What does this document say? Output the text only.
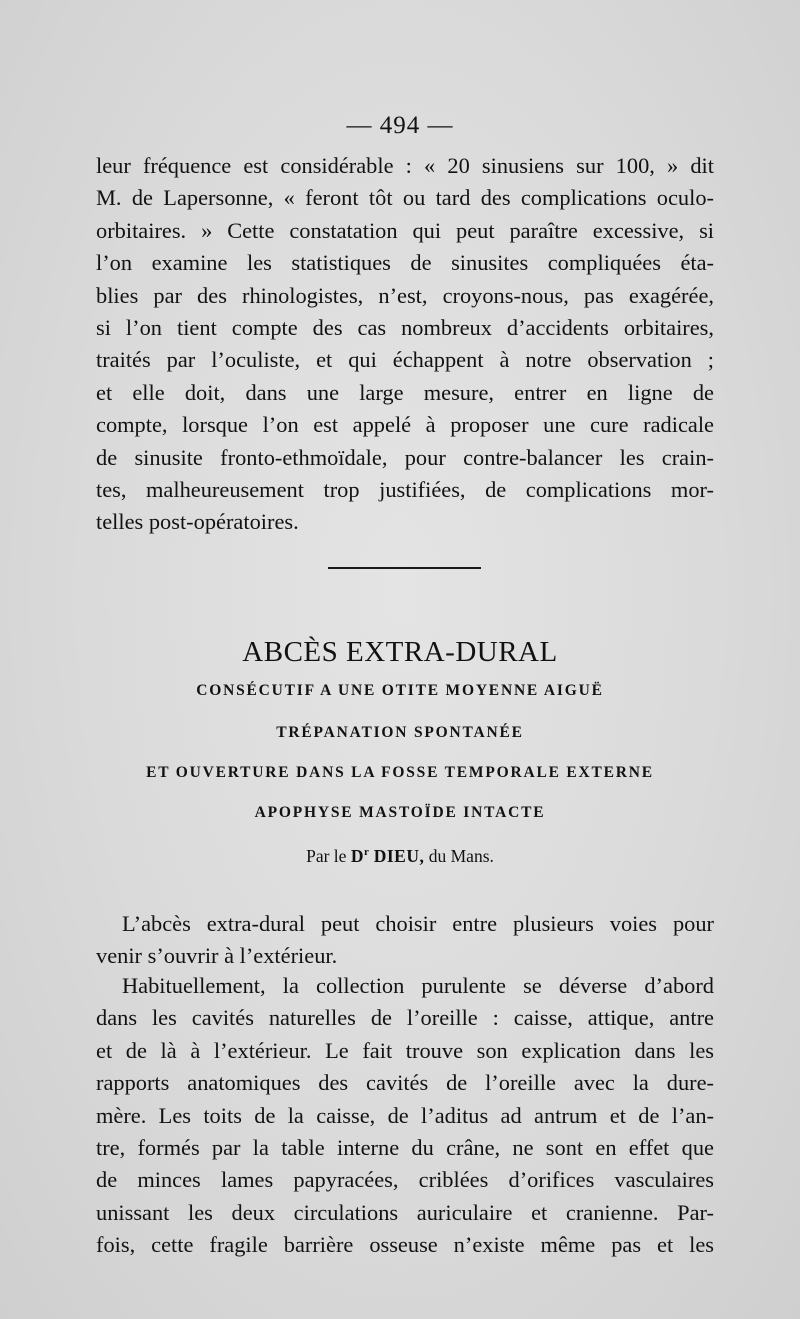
— 494 —
leur fréquence est considérable : « 20 sinusiens sur 100, » dit
M. de Lapersonne, « feront tôt ou tard des complications oculo-
orbitaires. » Cette constatation qui peut paraître excessive, si
l’on examine les statistiques de sinusites compliquées éta-
blies par des rhinologistes, n’est, croyons-nous, pas exagérée,
si l’on tient compte des cas nombreux d’accidents orbitaires,
traités par l’oculiste, et qui échappent à notre observation ;
et elle doit, dans une large mesure, entrer en ligne de
compte, lorsque l’on est appelé à proposer une cure radicale
de sinusite fronto-ethmoïdale, pour contre-balancer les crain-
tes, malheureusement trop justifiées, de complications mor-
telles post-opératoires.
ABCÈS EXTRA-DURAL
CONSÉCUTIF A UNE OTITE MOYENNE AIGUË
TRÉPANATION SPONTANÉE
ET OUVERTURE DANS LA FOSSE TEMPORALE EXTERNE
APOPHYSE MASTOÏDE INTACTE
Par le $D^r$ DIEU, du Mans.
L’abcès extra-dural peut choisir entre plusieurs voies pour
venir s’ouvrir à l’extérieur.
Habituellement, la collection purulente se déverse d’abord
dans les cavités naturelles de l’oreille : caisse, attique, antre
et de là à l’extérieur. Le fait trouve son explication dans les
rapports anatomiques des cavités de l’oreille avec la dure-
mère. Les toits de la caisse, de l’aditus ad antrum et de l’an-
tre, formés par la table interne du crâne, ne sont en effet que
de minces lames papyracées, criblées d’orifices vasculaires
unissant les deux circulations auriculaire et cranienne. Par-
fois, cette fragile barrière osseuse n’existe même pas et les
